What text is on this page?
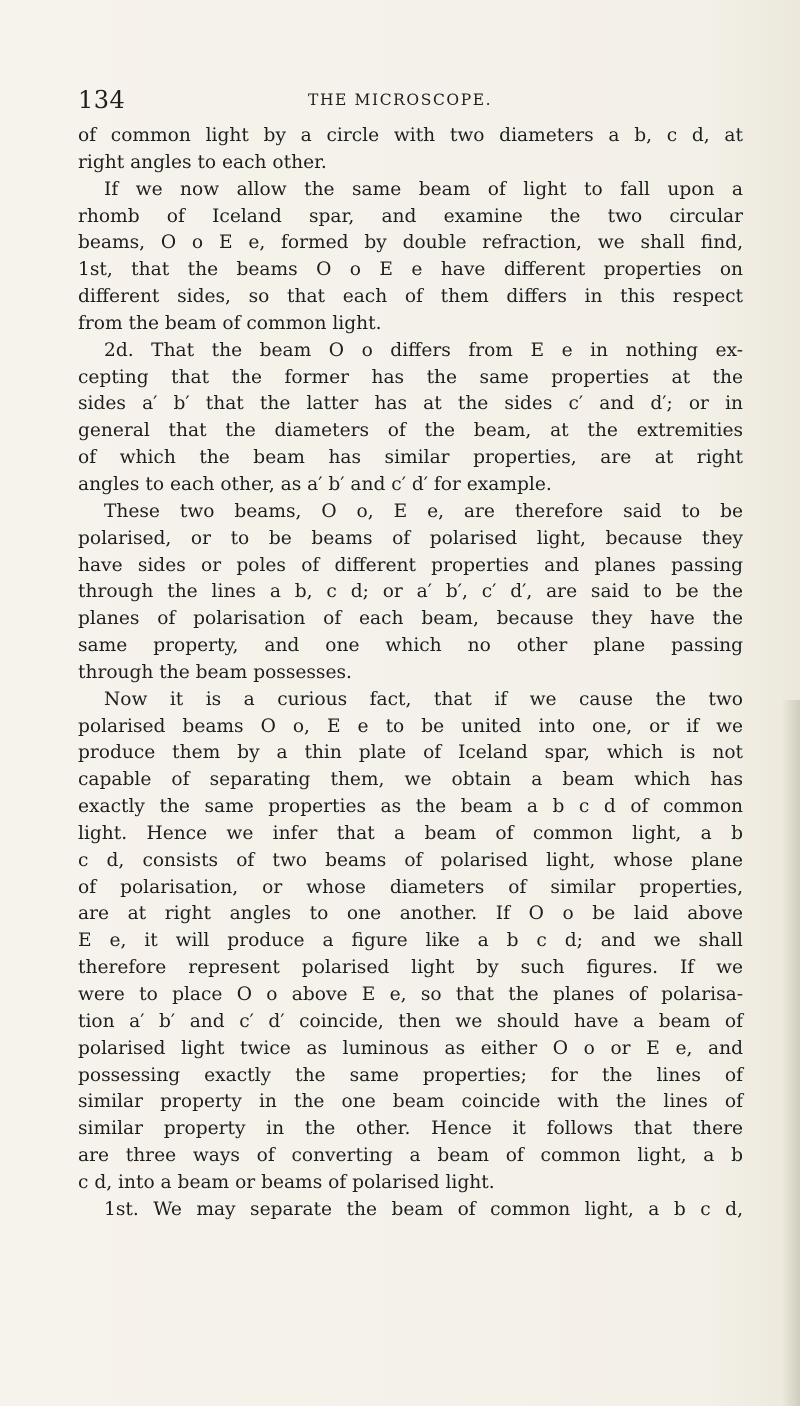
134	THE MICROSCOPE.
of common light by a circle with two diameters a b, c d, at
right angles to each other.
If we now allow the same beam of light to fall upon a
rhomb of Iceland spar, and examine the two circular
beams, O o E e, formed by double refraction, we shall find,
1st, that the beams O o E e have different properties on
different sides, so that each of them differs in this respect
from the beam of common light.
2d. That the beam O o differs from E e in nothing ex-
cepting that the former has the same properties at the
sides a′ b′ that the latter has at the sides c′ and d′; or in
general that the diameters of the beam, at the extremities
of which the beam has similar properties, are at right
angles to each other, as a′ b′ and c′ d′ for example.
These two beams, O o, E e, are therefore said to be
polarised, or to be beams of polarised light, because they
have sides or poles of different properties and planes passing
through the lines a b, c d; or a′ b′, c′ d′, are said to be the
planes of polarisation of each beam, because they have the
same property, and one which no other plane passing
through the beam possesses.
Now it is a curious fact, that if we cause the two
polarised beams O o, E e to be united into one, or if we
produce them by a thin plate of Iceland spar, which is not
capable of separating them, we obtain a beam which has
exactly the same properties as the beam a b c d of common
light. Hence we infer that a beam of common light, a b
c d, consists of two beams of polarised light, whose plane
of polarisation, or whose diameters of similar properties,
are at right angles to one another. If O o be laid above
E e, it will produce a figure like a b c d; and we shall
therefore represent polarised light by such figures. If we
were to place O o above E e, so that the planes of polarisa-
tion a′ b′ and c′ d′ coincide, then we should have a beam of
polarised light twice as luminous as either O o or E e, and
possessing exactly the same properties; for the lines of
similar property in the one beam coincide with the lines of
similar property in the other. Hence it follows that there
are three ways of converting a beam of common light, a b
c d, into a beam or beams of polarised light.
1st. We may separate the beam of common light, a b c d,
